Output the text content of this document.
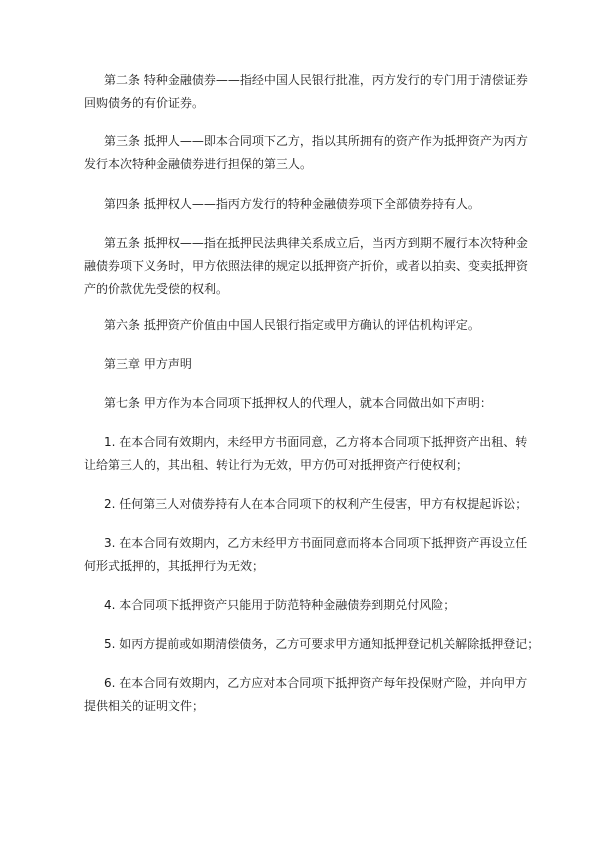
第二条 特种金融债券——指经中国人民银行批准，丙方发行的专门用于清偿证券回购债务的有价证券。

第三条 抵押人——即本合同项下乙方，指以其所拥有的资产作为抵押资产为丙方发行本次特种金融债券进行担保的第三人。

第四条 抵押权人——指丙方发行的特种金融债券项下全部债券持有人。

第五条 抵押权——指在抵押民法典律关系成立后，当丙方到期不履行本次特种金融债券项下义务时，甲方依照法律的规定以抵押资产折价，或者以拍卖、变卖抵押资产的价款优先受偿的权利。

第六条 抵押资产价值由中国人民银行指定或甲方确认的评估机构评定。

第三章 甲方声明

第七条 甲方作为本合同项下抵押权人的代理人，就本合同做出如下声明：

1. 在本合同有效期内，未经甲方书面同意，乙方将本合同项下抵押资产出租、转让给第三人的，其出租、转让行为无效，甲方仍可对抵押资产行使权利；

2. 任何第三人对债券持有人在本合同项下的权利产生侵害，甲方有权提起诉讼；

3. 在本合同有效期内，乙方未经甲方书面同意而将本合同项下抵押资产再设立任何形式抵押的，其抵押行为无效；

4. 本合同项下抵押资产只能用于防范特种金融债券到期兑付风险；

5. 如丙方提前或如期清偿债务，乙方可要求甲方通知抵押登记机关解除抵押登记；

6. 在本合同有效期内，乙方应对本合同项下抵押资产每年投保财产险，并向甲方提供相关的证明文件；
